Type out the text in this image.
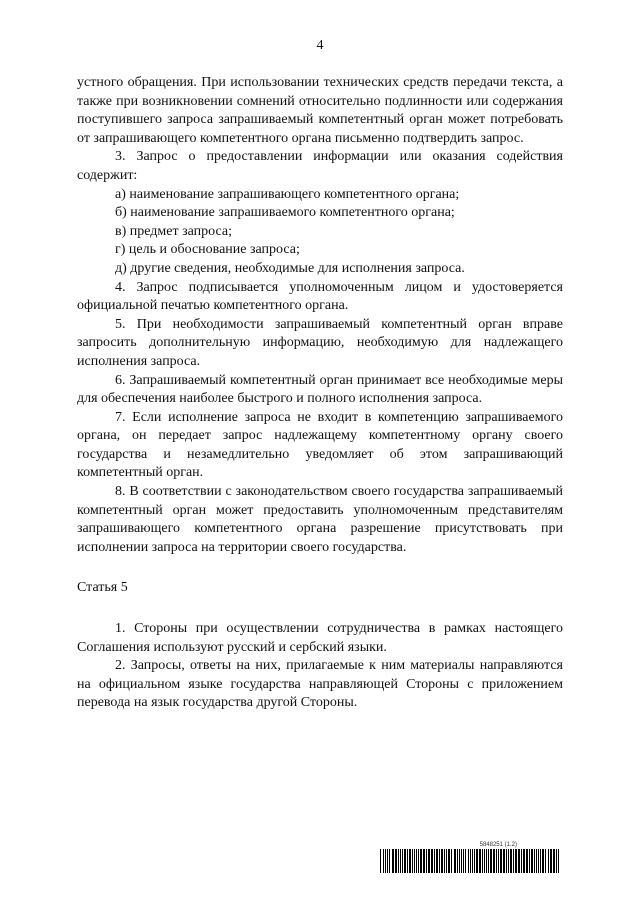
4

устного обращения. При использовании технических средств передачи текста, а также при возникновении сомнений относительно подлинности или содержания поступившего запроса запрашиваемый компетентный орган может потребовать от запрашивающего компетентного органа письменно подтвердить запрос.

3. Запрос о предоставлении информации или оказания содействия содержит:

а) наименование запрашивающего компетентного органа;

б) наименование запрашиваемого компетентного органа;

в) предмет запроса;

г) цель и обоснование запроса;

д) другие сведения, необходимые для исполнения запроса.

4. Запрос подписывается уполномоченным лицом и удостоверяется официальной печатью компетентного органа.

5. При необходимости запрашиваемый компетентный орган вправе запросить дополнительную информацию, необходимую для надлежащего исполнения запроса.

6. Запрашиваемый компетентный орган принимает все необходимые меры для обеспечения наиболее быстрого и полного исполнения запроса.

7. Если исполнение запроса не входит в компетенцию запрашиваемого органа, он передает запрос надлежащему компетентному органу своего государства и незамедлительно уведомляет об этом запрашивающий компетентный орган.

8. В соответствии с законодательством своего государства запрашиваемый компетентный орган может предоставить уполномоченным представителям запрашивающего компетентного органа разрешение присутствовать при исполнении запроса на территории своего государства.

Статья 5

1. Стороны при осуществлении сотрудничества в рамках настоящего Соглашения используют русский и сербский языки.

2. Запросы, ответы на них, прилагаемые к ним материалы направляются на официальном языке государства направляющей Стороны с приложением перевода на язык государства другой Стороны.

5848251 (1.2)
